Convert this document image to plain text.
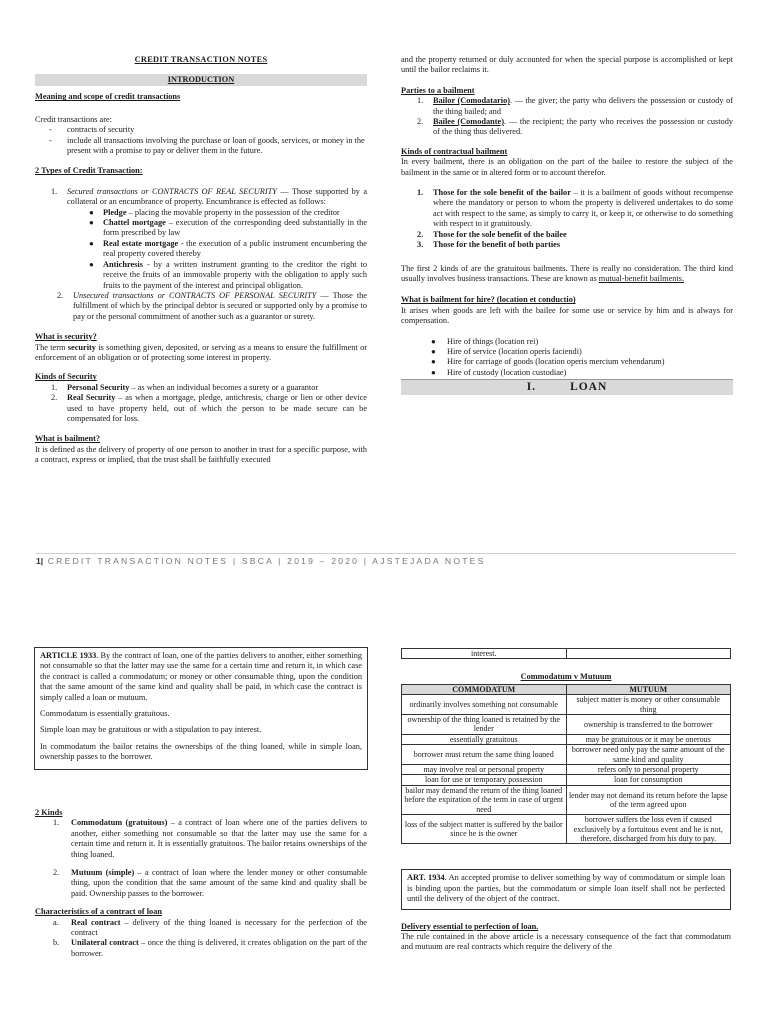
CREDIT TRANSACTION NOTES

INTRODUCTION

Meaning and scope of credit transactions

Credit transactions are:

-	contracts of security
-	include all transactions involving the purchase or loan of goods, services, or money in the present with a promise to pay or deliver them in the future.

2 Types of Credit Transaction:

1.	Secured transactions or CONTRACTS OF REAL SECURITY — Those supported by a collateral or an encumbrance of property. Encumbrance is effected as follows:
●	Pledge – placing the movable property in the possession of the creditor
●	Chattel mortgage – execution of the corresponding deed substantially in the form prescribed by law
●	Real estate mortgage - the execution of a public instrument encumbering the real property covered thereby
●	Antichresis - by a written instrument granting to the creditor the right to receive the fruits of an immovable property with the obligation to apply such fruits to the payment of the interest and principal obligation.
2.	Unsecured transactions or CONTRACTS OF PERSONAL SECURITY — Those the fulfillment of which by the principal debtor is secured or supported only by a promise to pay or the personal commitment of another such as a guarantor or surety.

What is security?

The term security is something given, deposited, or serving as a means to ensure the fulfillment or enforcement of an obligation or of protecting some interest in property.

Kinds of Security

1.	Personal Security – as when an individual becomes a surety or a guarantor
2.	Real Security – as when a mortgage, pledge, antichresis, charge or lien or other device used to have property held, out of which the person to be made secure can be compensated for loss.

What is bailment?

It is defined as the delivery of property of one person to another in trust for a specific purpose, with a contract, express or implied, that the trust shall be faithfully executed

and the property returned or duly accounted for when the special purpose is accomplished or kept until the bailor reclaims it.

Parties to a bailment

1.	Bailor (Comodatario). — the giver; the party who delivers the possession or custody of the thing bailed; and
2.	Bailee (Comodante). — the recipient; the party who receives the possession or custody of the thing thus delivered.

Kinds of contractual bailment

In every bailment, there is an obligation on the part of the bailee to restore the subject of the bailment in the same or in altered form or to account therefor.

1.	Those for the sole benefit of the bailor – it is a bailment of goods without recompense where the mandatory or person to whom the property is delivered undertakes to do some act with respect to the same, as simply to carry it, or keep it, or otherwise to do something with respect to it gratuitously.
2.	Those for the sole benefit of the bailee
3.	Those for the benefit of both parties

The first 2 kinds of are the gratuitous bailments. There is really no consideration. The third kind usually involves business transactions. These are known as mutual-benefit bailments.

What is bailment for hire? (location et conductio)

It arises when goods are left with the bailee for some use or service by him and is always for compensation.

●	Hire of things (location rei)
●	Hire of service (location operis faciendi)
●	Hire for carriage of goods (location operis mercium vehendarum)
●	Hire of custody (location custodiae)
I.	LOAN
1| CREDIT TRANSACTION NOTES | SBCA | 2019 – 2020 | AJSTEJADA NOTES

ARTICLE 1933. By the contract of loan, one of the parties delivers to another, either something not consumable so that the latter may use the same for a certain time and return it, in which case the contract is called a commodatum; or money or other consumable thing, upon the condition that the same amount of the same kind and quality shall be paid, in which case the contract is simply called a loan or mutuum.

Commodatum is essentially gratuitous.

Simple loan may be gratuitous or with a stipulation to pay interest.

In commodatum the bailor retains the ownerships of the thing loaned, while in simple loan, ownership passes to the borrower.

2 Kinds

1.	Commodatum (gratuitous) – a contract of loan where one of the parties delivers to another, either something not consumable so that the latter may use the same for a certain time and return it. It is essentially gratuitous. The bailor retains ownerships of the thing loaned.
2.	Mutuum (simple) – a contract of loan where the lender money or other consumable thing, upon the condition that the same amount of the same kind and quality shall be paid. Ownership passes to the borrower.

Characteristics of a contract of loan

a.	Real contract – delivery of the thing loaned is necessary for the perfection of the contract
b.	Unilateral contract – once the thing is delivered, it creates obligation on the part of the borrower.
interest.	

Commodatum v Mutuum

COMMODATUM	MUTUUM
ordinarily involves something not consumable	subject matter is money or other consumable thing
ownership of the thing loaned is retained by the lender	ownership is transferred to the borrower
essentially gratuitous	may be gratuitous or it may be onerous
borrower must return the same thing loaned	borrower need only pay the same amount of the same kind and quality
may involve real or personal property	refers only to personal property
loan for use or temporary possession	loan for consumption
bailor may demand the return of the thing loaned before the expiration of the term in case of urgent need	lender may not demand its return before the lapse of the term agreed upon
loss of the subject matter is suffered by the bailor since he is the owner	borrower suffers the loss even if caused exclusively by a fortuitous event and he is not, therefore, discharged from his duty to pay.

ART. 1934. An accepted promise to deliver something by way of commodatum or simple loan is binding upon the parties, but the commodatum or simple loan itself shall not be perfected until the delivery of the object of the contract.

Delivery essential to perfection of loan.

The rule contained in the above article is a necessary consequence of the fact that commodatum and mutuum are real contracts which require the delivery of the
